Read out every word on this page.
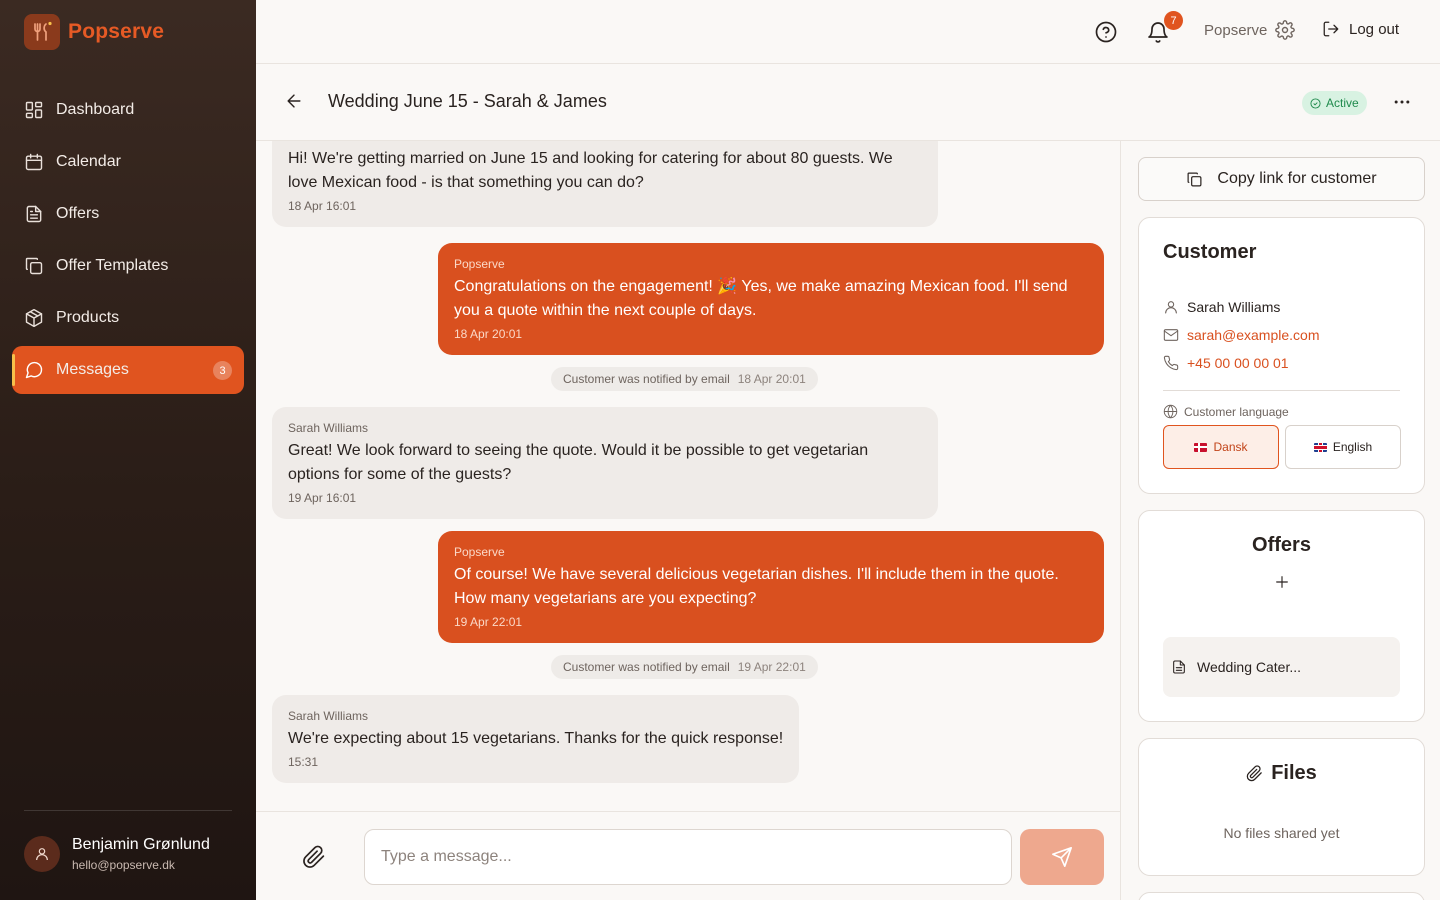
Popserve
Dashboard
Calendar
Offers
Offer Templates
Products
Messages	3
Benjamin Grønlund
hello@popserve.dk
7
Popserve	Log out
Wedding June 15 - Sarah & James	Active
Hi! We're getting married on June 15 and looking for catering for about 80 guests. We love Mexican food - is that something you can do?
18 Apr 16:01
Popserve
Congratulations on the engagement! 🎉 Yes, we make amazing Mexican food. I'll send you a quote within the next couple of days.
18 Apr 20:01
Customer was notified by email 18 Apr 20:01
Sarah Williams
Great! We look forward to seeing the quote. Would it be possible to get vegetarian options for some of the guests?
19 Apr 16:01
Popserve
Of course! We have several delicious vegetarian dishes. I'll include them in the quote. How many vegetarians are you expecting?
19 Apr 22:01
Customer was notified by email 19 Apr 22:01
Sarah Williams
We're expecting about 15 vegetarians. Thanks for the quick response!
15:31
Type a message...
Copy link for customer
Customer
Sarah Williams
sarah@example.com
+45 00 00 00 01
Customer language
Dansk	English
Offers
Wedding Cater...
Files
No files shared yet
